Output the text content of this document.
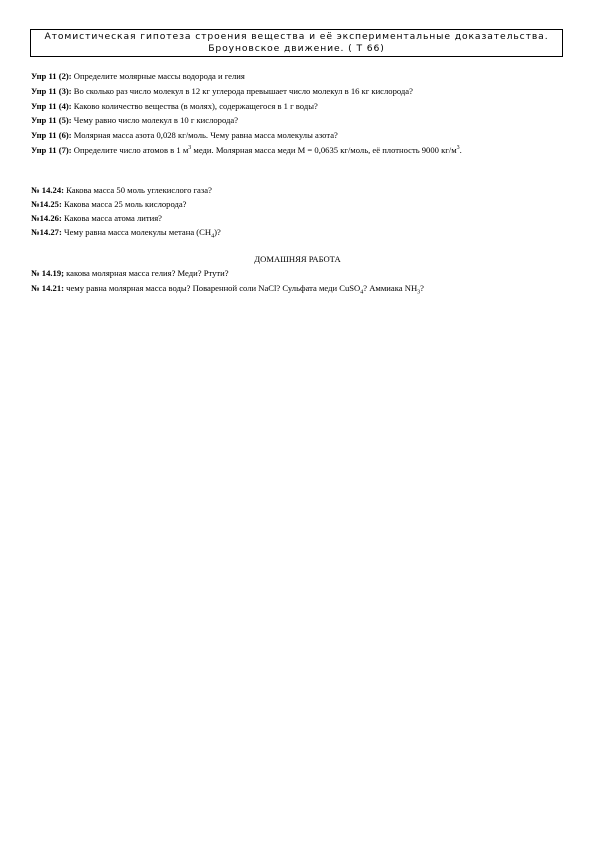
Атомистическая гипотеза строения вещества и её экспериментальные доказательства.
Броуновское движение. ( Т 66)
Упр 11 (2): Определите молярные массы водорода и гелия
Упр 11 (3): Во сколько раз число молекул в 12 кг углерода превышает число молекул в 16 кг кислорода?
Упр 11 (4): Каково количество вещества (в молях), содержащегося в 1 г воды?
Упр 11 (5): Чему равно число молекул в 10 г кислорода?
Упр 11 (6): Молярная масса азота 0,028 кг/моль. Чему равна масса молекулы азота?
Упр 11 (7): Определите число атомов в 1 $м^3$ меди. Молярная масса меди М = 0,0635 кг/моль, её плотность 9000 $кг/м^3$.
№ 14.24: Какова масса 50 моль углекислого газа?
№14.25: Какова масса 25 моль кислорода?
№14.26: Какова масса атома лития?
№14.27: Чему равна масса молекулы метана $(СН_4)$?
ДОМАШНЯЯ РАБОТА
№ 14.19; какова молярная масса гелия? Меди? Ртути?
№ 14.21: чему равна молярная масса воды? Поваренной соли NaCl? Сульфата меди CuSO$_4$? Аммиака $NH_3$?
